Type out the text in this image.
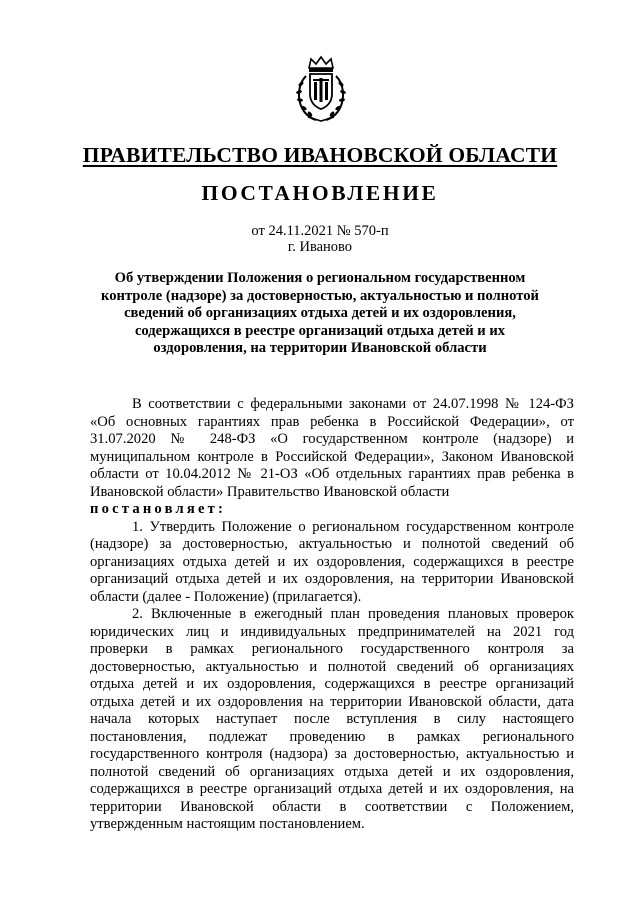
ПРАВИТЕЛЬСТВО ИВАНОВСКОЙ ОБЛАСТИ
ПОСТАНОВЛЕНИЕ
от 24.11.2021 № 570-п
г. Иваново
Об утверждении Положения о региональном государственном контроле (надзоре) за достоверностью, актуальностью и полнотой сведений об организациях отдыха детей и их оздоровления, содержащихся в реестре организаций отдыха детей и их оздоровления, на территории Ивановской области

В соответствии с федеральными законами от 24.07.1998 № 124-ФЗ «Об основных гарантиях прав ребенка в Российской Федерации», от 31.07.2020 № 248-ФЗ «О государственном контроле (надзоре) и муниципальном контроле в Российской Федерации», Законом Ивановской области от 10.04.2012 № 21-ОЗ «Об отдельных гарантиях прав ребенка в Ивановской области» Правительство Ивановской области

постановляет:

1. Утвердить Положение о региональном государственном контроле (надзоре) за достоверностью, актуальностью и полнотой сведений об организациях отдыха детей и их оздоровления, содержащихся в реестре организаций отдыха детей и их оздоровления, на территории Ивановской области (далее - Положение) (прилагается).

2. Включенные в ежегодный план проведения плановых проверок юридических лиц и индивидуальных предпринимателей на 2021 год проверки в рамках регионального государственного контроля за достоверностью, актуальностью и полнотой сведений об организациях отдыха детей и их оздоровления, содержащихся в реестре организаций отдыха детей и их оздоровления на территории Ивановской области, дата начала которых наступает после вступления в силу настоящего постановления, подлежат проведению в рамках регионального государственного контроля (надзора) за достоверностью, актуальностью и полнотой сведений об организациях отдыха детей и их оздоровления, содержащихся в реестре организаций отдыха детей и их оздоровления, на территории Ивановской области в соответствии с Положением, утвержденным настоящим постановлением.
